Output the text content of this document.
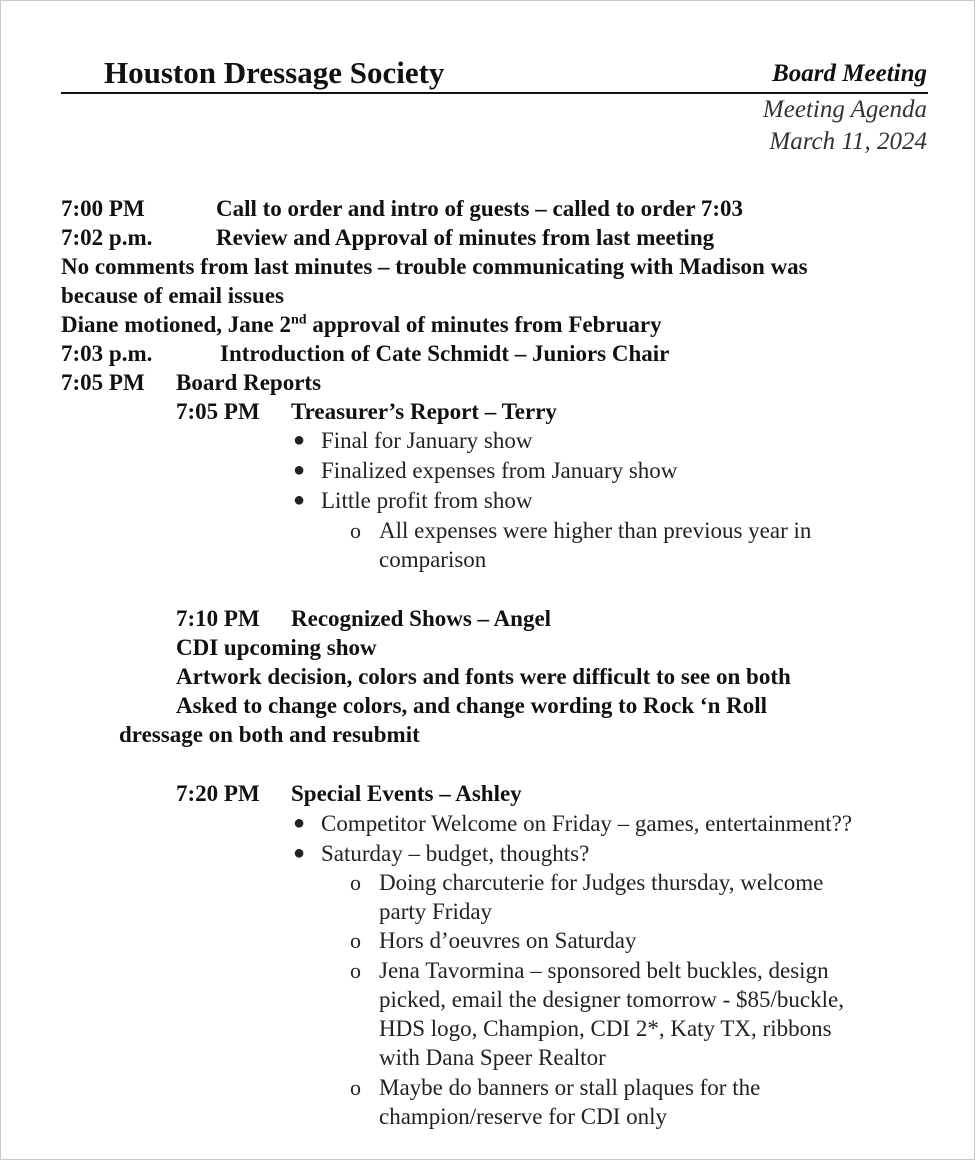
Houston Dressage Society	Board Meeting
Meeting Agenda
March 11, 2024
7:00 PM	Call to order and intro of guests – called to order 7:03
7:02 p.m.	Review and Approval of minutes from last meeting
No comments from last minutes – trouble communicating with Madison was
because of email issues
Diane motioned, Jane 2nd approval of minutes from February
7:03 p.m.	Introduction of Cate Schmidt – Juniors Chair
7:05 PM Board Reports
7:05 PM Treasurer’s Report – Terry
● Final for January show
● Finalized expenses from January show
● Little profit from show
o All expenses were higher than previous year in
comparison
7:10 PM Recognized Shows – Angel
CDI upcoming show
Artwork decision, colors and fonts were difficult to see on both
Asked to change colors, and change wording to Rock ‘n Roll
dressage on both and resubmit
7:20 PM Special Events – Ashley
● Competitor Welcome on Friday – games, entertainment??
● Saturday – budget, thoughts?
o Doing charcuterie for Judges thursday, welcome
party Friday
o Hors d’oeuvres on Saturday
o Jena Tavormina – sponsored belt buckles, design
picked, email the designer tomorrow - $85/buckle,
HDS logo, Champion, CDI 2*, Katy TX, ribbons
with Dana Speer Realtor
o Maybe do banners or stall plaques for the
champion/reserve for CDI only
